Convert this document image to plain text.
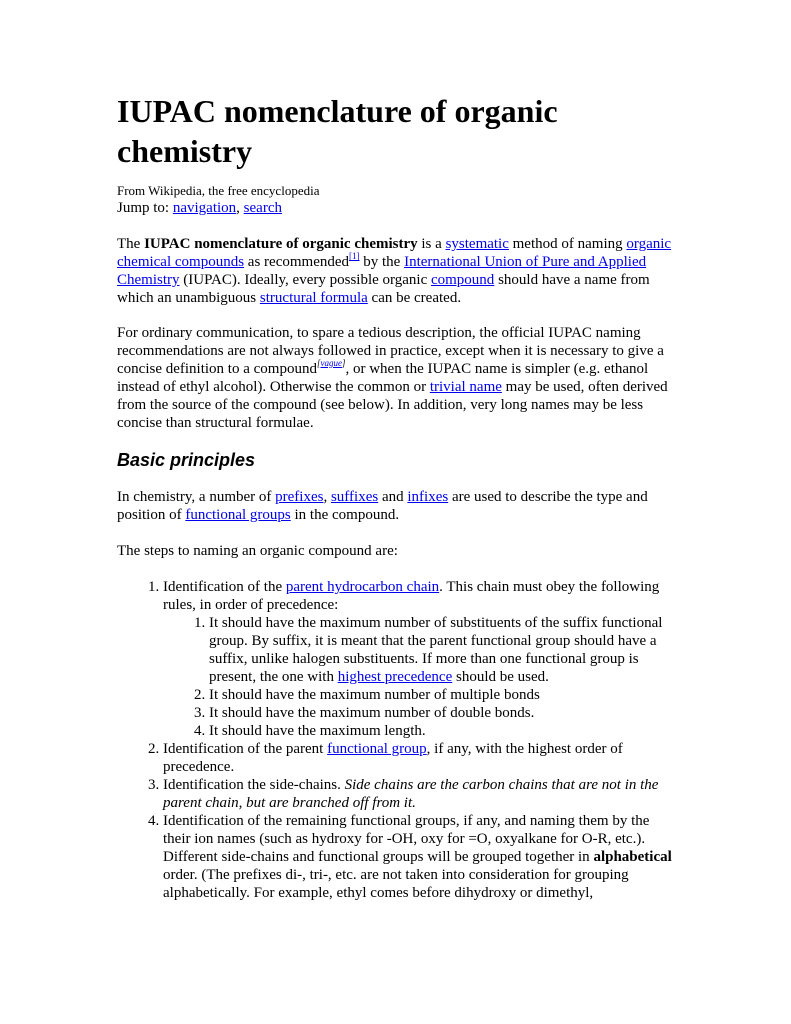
IUPAC nomenclature of organic chemistry

From Wikipedia, the free encyclopedia

Jump to: navigation, search

The IUPAC nomenclature of organic chemistry is a systematic method of naming organic chemical compounds as recommended[1] by the International Union of Pure and Applied Chemistry (IUPAC). Ideally, every possible organic compound should have a name from which an unambiguous structural formula can be created.

For ordinary communication, to spare a tedious description, the official IUPAC naming recommendations are not always followed in practice, except when it is necessary to give a concise definition to a compound[vague], or when the IUPAC name is simpler (e.g. ethanol instead of ethyl alcohol). Otherwise the common or trivial name may be used, often derived from the source of the compound (see below). In addition, very long names may be less concise than structural formulae.

Basic principles

In chemistry, a number of prefixes, suffixes and infixes are used to describe the type and position of functional groups in the compound.

The steps to naming an organic compound are:

1. Identification of the parent hydrocarbon chain. This chain must obey the following rules, in order of precedence:
1. It should have the maximum number of substituents of the suffix functional group. By suffix, it is meant that the parent functional group should have a suffix, unlike halogen substituents. If more than one functional group is present, the one with highest precedence should be used.
2. It should have the maximum number of multiple bonds
3. It should have the maximum number of double bonds.
4. It should have the maximum length.
2. Identification of the parent functional group, if any, with the highest order of precedence.
3. Identification the side-chains. Side chains are the carbon chains that are not in the parent chain, but are branched off from it.
4. Identification of the remaining functional groups, if any, and naming them by the their ion names (such as hydroxy for -OH, oxy for =O, oxyalkane for O-R, etc.). Different side-chains and functional groups will be grouped together in alphabetical order. (The prefixes di-, tri-, etc. are not taken into consideration for grouping alphabetically. For example, ethyl comes before dihydroxy or dimethyl,
